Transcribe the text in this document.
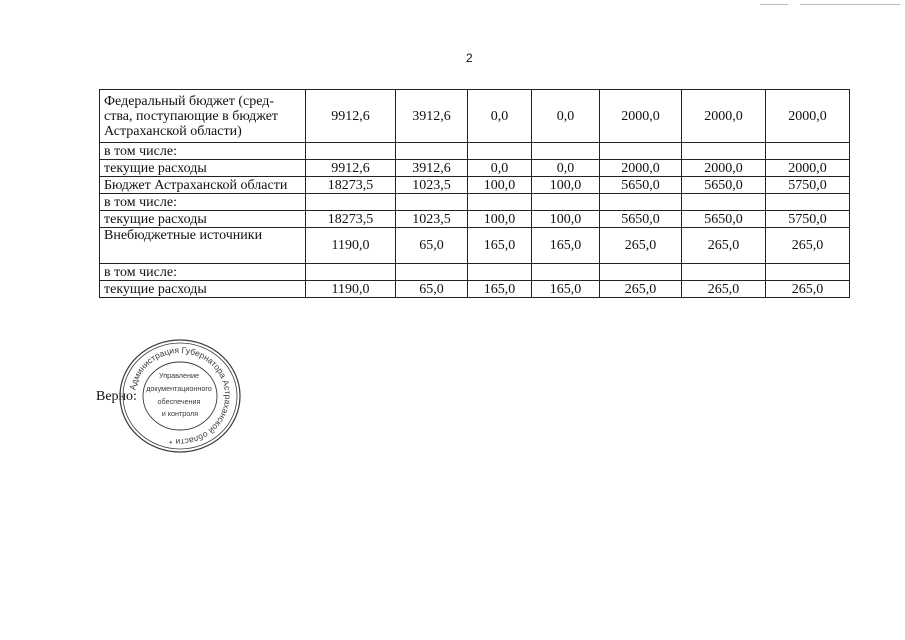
2
Федеральный бюджет (сред-ства, поступающие в бюджет Астраханской области)	9912,6	3912,6	0,0	0,0	2000,0	2000,0	2000,0
в том числе:							
текущие расходы	9912,6	3912,6	0,0	0,0	2000,0	2000,0	2000,0
Бюджет Астраханской области	18273,5	1023,5	100,0	100,0	5650,0	5650,0	5750,0
в том числе:							
текущие расходы	18273,5	1023,5	100,0	100,0	5650,0	5650,0	5750,0
Внебюджетные источники	1190,0	65,0	165,0	165,0	265,0	265,0	265,0
в том числе:							
текущие расходы	1190,0	65,0	165,0	165,0	265,0	265,0	265,0
Верно:
Администрация Губернатора Астраханской области *
Управление документационного обеспечения и контроля
